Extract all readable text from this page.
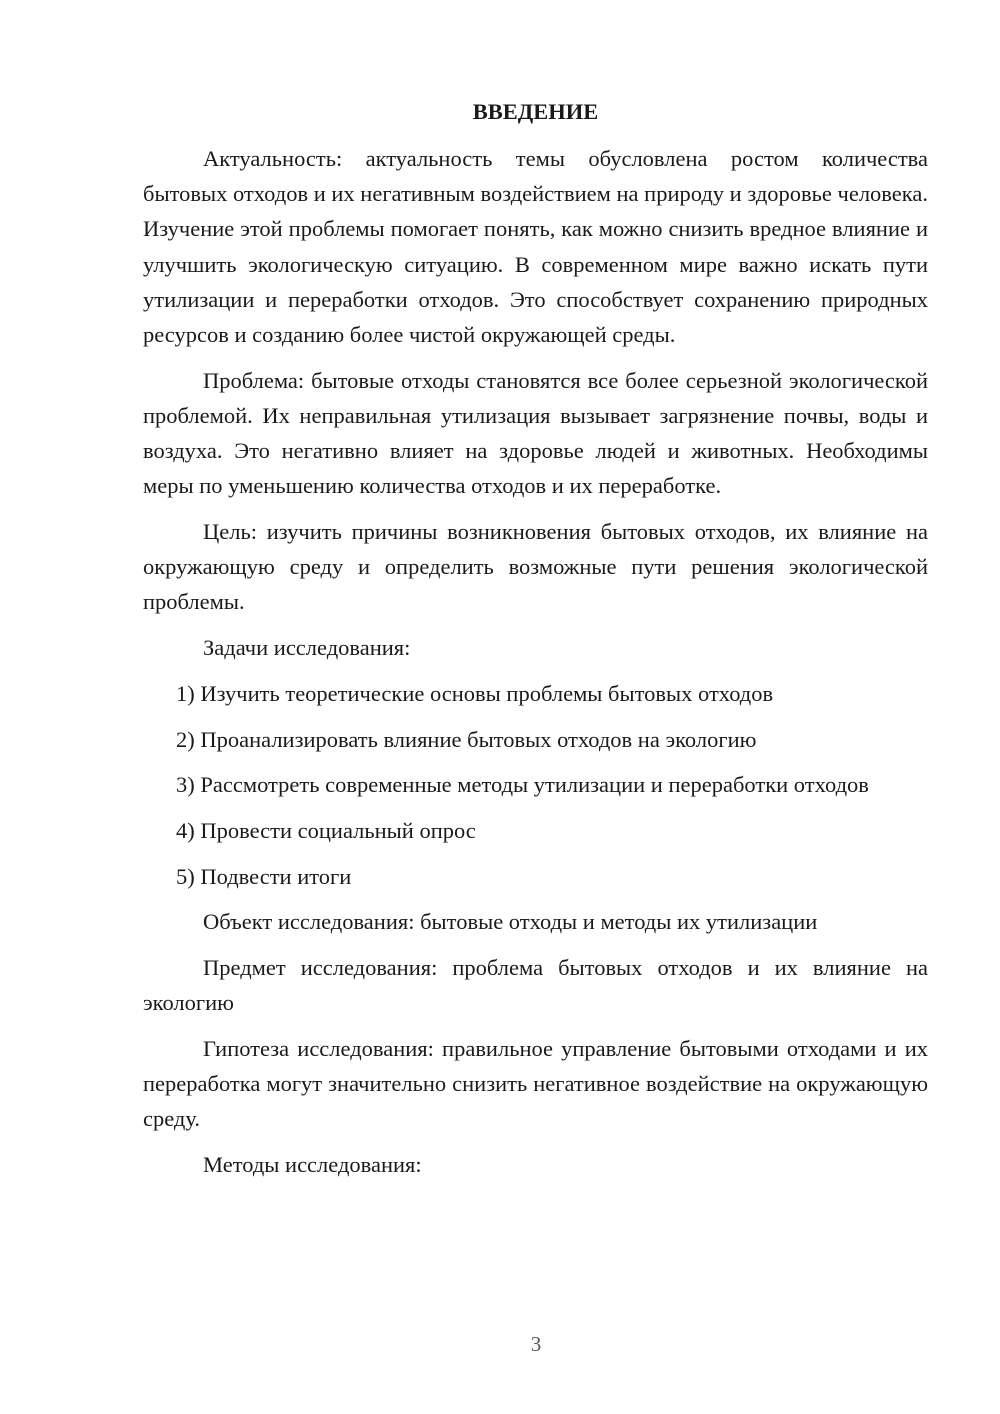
ВВЕДЕНИЕ

Актуальность: актуальность темы обусловлена ростом количества бытовых отходов и их негативным воздействием на природу и здоровье человека. Изучение этой проблемы помогает понять, как можно снизить вредное влияние и улучшить экологическую ситуацию. В современном мире важно искать пути утилизации и переработки отходов. Это способствует сохранению природных ресурсов и созданию более чистой окружающей среды.

Проблема: бытовые отходы становятся все более серьезной экологической проблемой. Их неправильная утилизация вызывает загрязнение почвы, воды и воздуха. Это негативно влияет на здоровье людей и животных. Необходимы меры по уменьшению количества отходов и их переработке.

Цель: изучить причины возникновения бытовых отходов, их влияние на окружающую среду и определить возможные пути решения экологической проблемы.

Задачи исследования:

1) Изучить теоретические основы проблемы бытовых отходов

2) Проанализировать влияние бытовых отходов на экологию

3) Рассмотреть современные методы утилизации и переработки отходов

4) Провести социальный опрос

5) Подвести итоги

Объект исследования: бытовые отходы и методы их утилизации

Предмет исследования: проблема бытовых отходов и их влияние на экологию

Гипотеза исследования: правильное управление бытовыми отходами и их переработка могут значительно снизить негативное воздействие на окружающую среду.

Методы исследования:

3
